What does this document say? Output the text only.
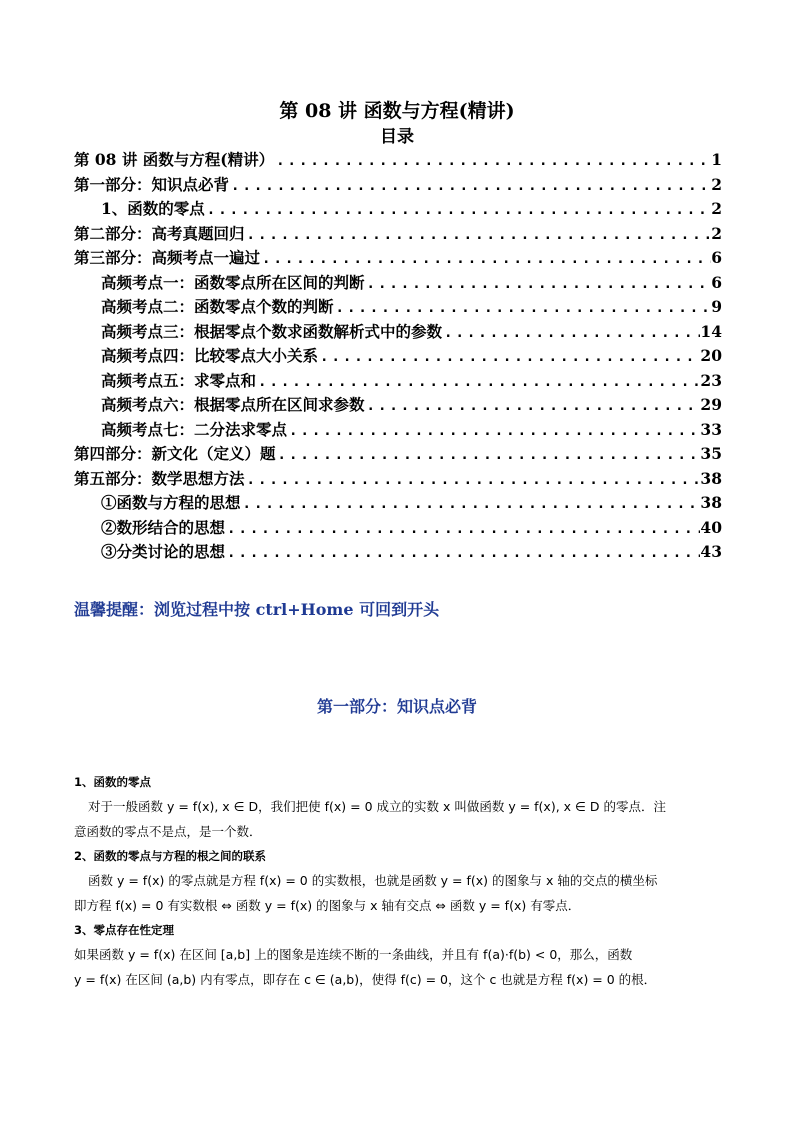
第 08 讲 函数与方程(精讲)
目录
第 08 讲 函数与方程(精讲） .....	1
第一部分：知识点必背 .....	2
1、函数的零点 .....	2
第二部分：高考真题回归 .....	2
第三部分：高频考点一遍过 .....	6
高频考点一：函数零点所在区间的判断 .....	6
高频考点二：函数零点个数的判断 .....	9
高频考点三：根据零点个数求函数解析式中的参数 .....	14
高频考点四：比较零点大小关系 .....	20
高频考点五：求零点和 .....	23
高频考点六：根据零点所在区间求参数 .....	29
高频考点七：二分法求零点 .....	33
第四部分：新文化（定义）题 .....	35
第五部分：数学思想方法 .....	38
①函数与方程的思想 .....	38
②数形结合的思想 .....	40
③分类讨论的思想 .....	43
温馨提醒：浏览过程中按 ctrl+Home 可回到开头
第一部分：知识点必背
1、函数的零点

对于一般函数 y = f(x), x ∈ D，我们把使 f(x) = 0 成立的实数 x 叫做函数 y = f(x), x ∈ D 的零点．注

意函数的零点不是点，是一个数．

2、函数的零点与方程的根之间的联系

函数 y = f(x) 的零点就是方程 f(x) = 0 的实数根，也就是函数 y = f(x) 的图象与 x 轴的交点的横坐标

即方程 f(x) = 0 有实数根 ⇔ 函数 y = f(x) 的图象与 x 轴有交点 ⇔ 函数 y = f(x) 有零点．

3、零点存在性定理

如果函数 y = f(x) 在区间 [a,b] 上的图象是连续不断的一条曲线，并且有 f(a)·f(b) < 0，那么，函数

y = f(x) 在区间 (a,b) 内有零点，即存在 c ∈ (a,b)，使得 f(c) = 0，这个 c 也就是方程 f(x) = 0 的根．
